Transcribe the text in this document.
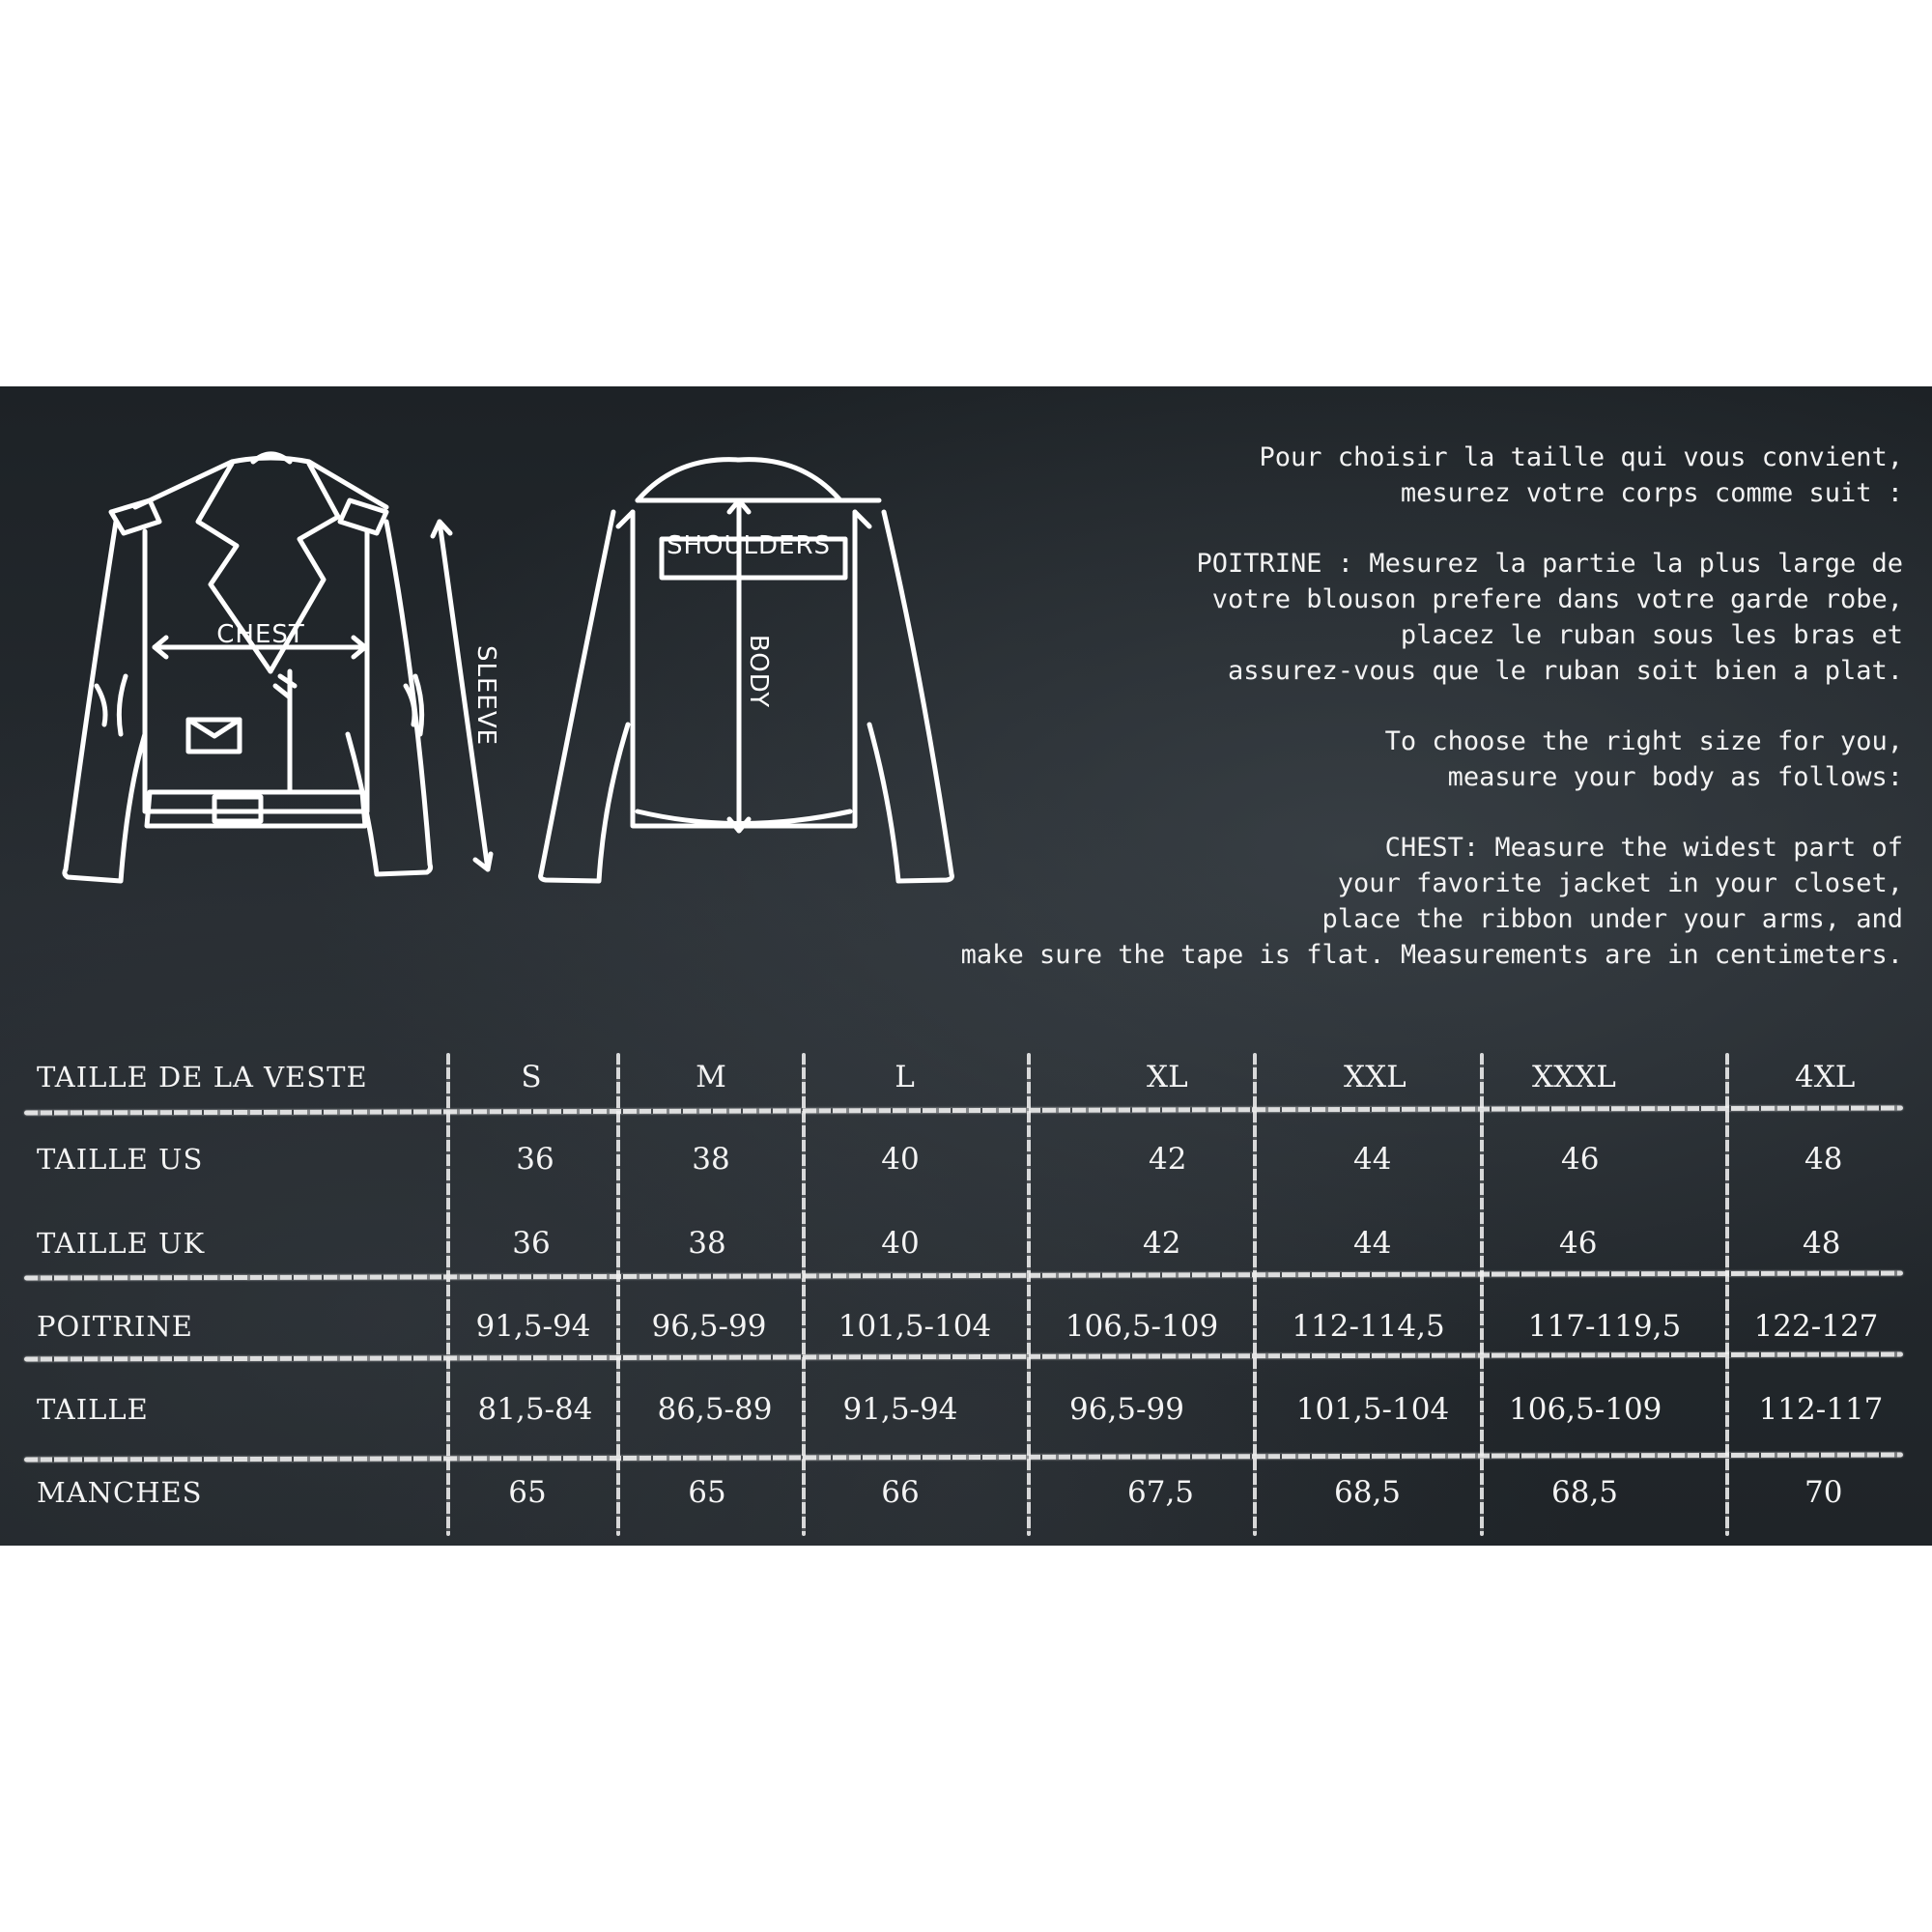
CHEST
SLEEVE
SHOULDERS
BODY
Pour choisir la taille qui vous convient,
mesurez votre corps comme suit :
POITRINE : Mesurez la partie la plus large de
votre blouson prefere dans votre garde robe,
placez le ruban sous les bras et
assurez-vous que le ruban soit bien a plat.
To choose the right size for you,
measure your body as follows:
CHEST: Measure the widest part of
your favorite jacket in your closet,
place the ribbon under your arms, and
make sure the tape is flat. Measurements are in centimeters.
TAILLE DE LA VESTE	S	M	L	XL	XXL	XXXL	4XL
TAILLE US	36	38	40	42	44	46	48
TAILLE UK	36	38	40	42	44	46	48
POITRINE	91,5-94	96,5-99	101,5-104	106,5-109	112-114,5	117-119,5	122-127
TAILLE	81,5-84	86,5-89	91,5-94	96,5-99	101,5-104	106,5-109	112-117
MANCHES	65	65	66	67,5	68,5	68,5	70
